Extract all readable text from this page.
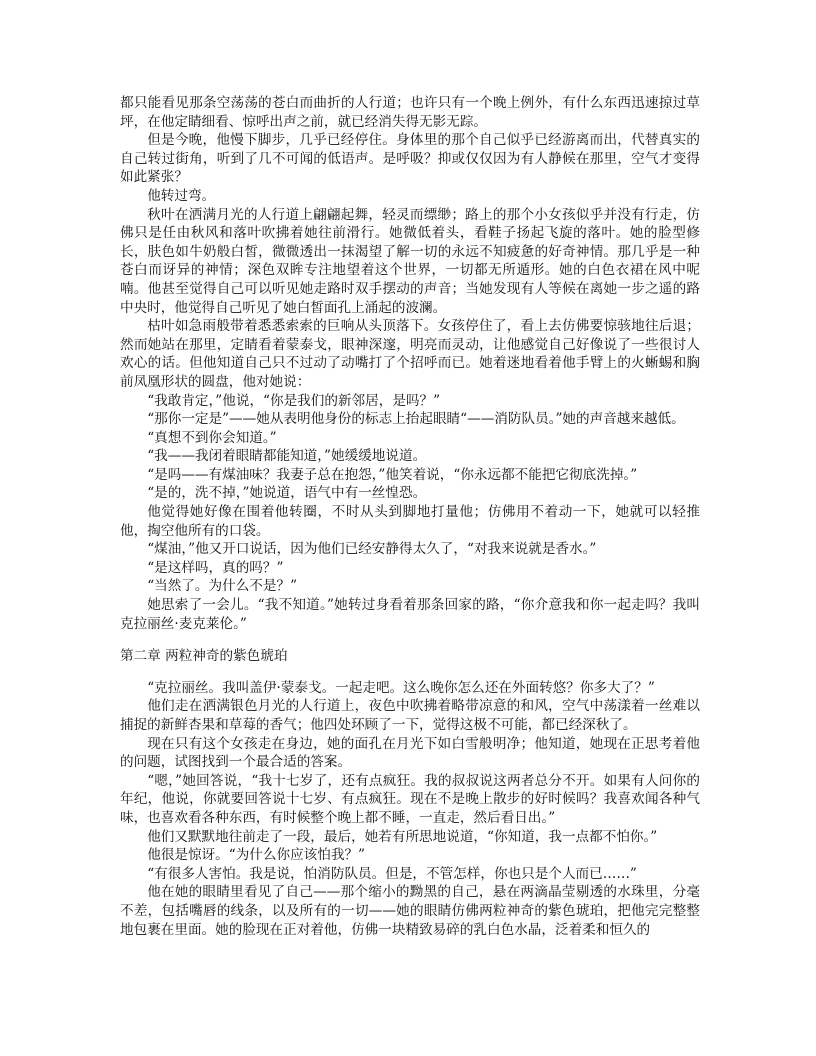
都只能看见那条空荡荡的苍白而曲折的人行道；也许只有一个晚上例外，有什么东西迅速掠过草坪，在他定睛细看、惊呼出声之前，就已经消失得无影无踪。

但是今晚，他慢下脚步，几乎已经停住。身体里的那个自己似乎已经游离而出，代替真实的自己转过街角，听到了几不可闻的低语声。是呼吸？抑或仅仅因为有人静候在那里，空气才变得如此紧张？

他转过弯。

秋叶在洒满月光的人行道上翩翩起舞，轻灵而缥缈；路上的那个小女孩似乎并没有行走，仿佛只是任由秋风和落叶吹拂着她往前滑行。她微低着头，看鞋子扬起飞旋的落叶。她的脸型修长，肤色如牛奶般白皙，微微透出一抹渴望了解一切的永远不知疲惫的好奇神情。那几乎是一种苍白而讶异的神情；深色双眸专注地望着这个世界，一切都无所遁形。她的白色衣裙在风中呢喃。他甚至觉得自己可以听见她走路时双手摆动的声音；当她发现有人等候在离她一步之遥的路中央时，他觉得自己听见了她白皙面孔上涌起的波澜。

枯叶如急雨般带着悉悉索索的巨响从头顶落下。女孩停住了，看上去仿佛要惊骇地往后退；然而她站在那里，定睛看着蒙泰戈，眼神深邃，明亮而灵动，让他感觉自己好像说了一些很讨人欢心的话。但他知道自己只不过动了动嘴打了个招呼而已。她着迷地看着他手臂上的火蜥蜴和胸前凤凰形状的圆盘，他对她说：

“我敢肯定，”他说，“你是我们的新邻居，是吗？”

“那你一定是”——她从表明他身份的标志上抬起眼睛“——消防队员。”她的声音越来越低。

“真想不到你会知道。”

“我——我闭着眼睛都能知道，”她缓缓地说道。

“是吗——有煤油味？我妻子总在抱怨，”他笑着说，“你永远都不能把它彻底洗掉。”

“是的，洗不掉，”她说道，语气中有一丝惶恐。

他觉得她好像在围着他转圈，不时从头到脚地打量他；仿佛用不着动一下，她就可以轻推他，掏空他所有的口袋。

“煤油，”他又开口说话，因为他们已经安静得太久了，“对我来说就是香水。”

“是这样吗，真的吗？”

“当然了。为什么不是？”

她思索了一会儿。“我不知道。”她转过身看着那条回家的路，“你介意我和你一起走吗？我叫克拉丽丝·麦克莱伦。”

第二章 两粒神奇的紫色琥珀

“克拉丽丝。我叫盖伊·蒙泰戈。一起走吧。这么晚你怎么还在外面转悠？你多大了？”

他们走在洒满银色月光的人行道上，夜色中吹拂着略带凉意的和风，空气中荡漾着一丝难以捕捉的新鲜杏果和草莓的香气；他四处环顾了一下，觉得这极不可能，都已经深秋了。

现在只有这个女孩走在身边，她的面孔在月光下如白雪般明净；他知道，她现在正思考着他的问题，试图找到一个最合适的答案。

“嗯，”她回答说，“我十七岁了，还有点疯狂。我的叔叔说这两者总分不开。如果有人问你的年纪，他说，你就要回答说十七岁、有点疯狂。现在不是晚上散步的好时候吗？我喜欢闻各种气味，也喜欢看各种东西，有时候整个晚上都不睡，一直走，然后看日出。”

他们又默默地往前走了一段，最后，她若有所思地说道，“你知道，我一点都不怕你。”

他很是惊讶。“为什么你应该怕我？”

“有很多人害怕。我是说，怕消防队员。但是，不管怎样，你也只是个人而已……”

他在她的眼睛里看见了自己——那个缩小的黝黑的自己，悬在两滴晶莹剔透的水珠里，分毫不差，包括嘴唇的线条，以及所有的一切——她的眼睛仿佛两粒神奇的紫色琥珀，把他完完整整地包裹在里面。她的脸现在正对着他，仿佛一块精致易碎的乳白色水晶，泛着柔和恒久的
